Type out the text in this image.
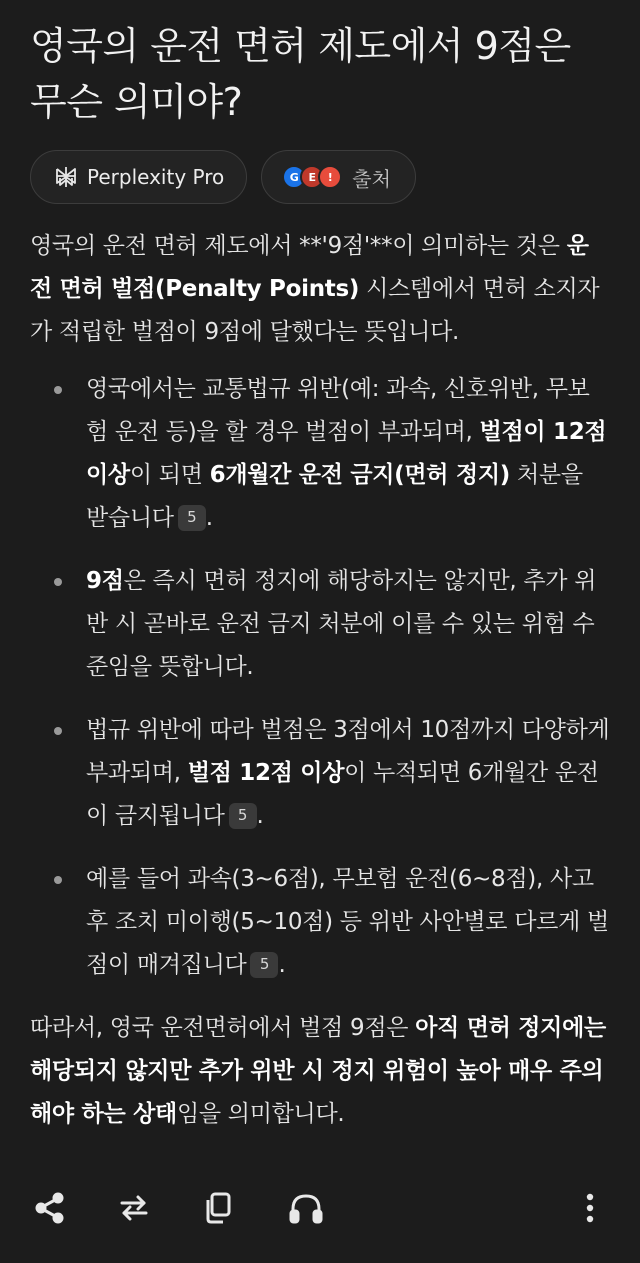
영국의 운전 면허 제도에서 9점은 무슨 의미야?
Perplexity Pro	G E	! 출처

영국의 운전 면허 제도에서 **'9점'**이 의미하는 것은 운전 면허 벌점(Penalty Points) 시스템에서 면허 소지자가 적립한 벌점이 9점에 달했다는 뜻입니다.

영국에서는 교통법규 위반(예: 과속, 신호위반, 무보험 운전 등)을 할 경우 벌점이 부과되며, 벌점이 12점 이상이 되면 6개월간 운전 금지(면허 정지) 처분을 받습니다 5 .
9점은 즉시 면허 정지에 해당하지는 않지만, 추가 위반 시 곧바로 운전 금지 처분에 이를 수 있는 위험 수준임을 뜻합니다.
법규 위반에 따라 벌점은 3점에서 10점까지 다양하게 부과되며, 벌점 12점 이상이 누적되면 6개월간 운전이 금지됩니다 5 .
예를 들어 과속(3~6점), 무보험 운전(6~8점), 사고 후 조치 미이행(5~10점) 등 위반 사안별로 다르게 벌점이 매겨집니다 5 .

따라서, 영국 운전면허에서 벌점 9점은 아직 면허 정지에는 해당되지 않지만 추가 위반 시 정지 위험이 높아 매우 주의해야 하는 상태임을 의미합니다.
